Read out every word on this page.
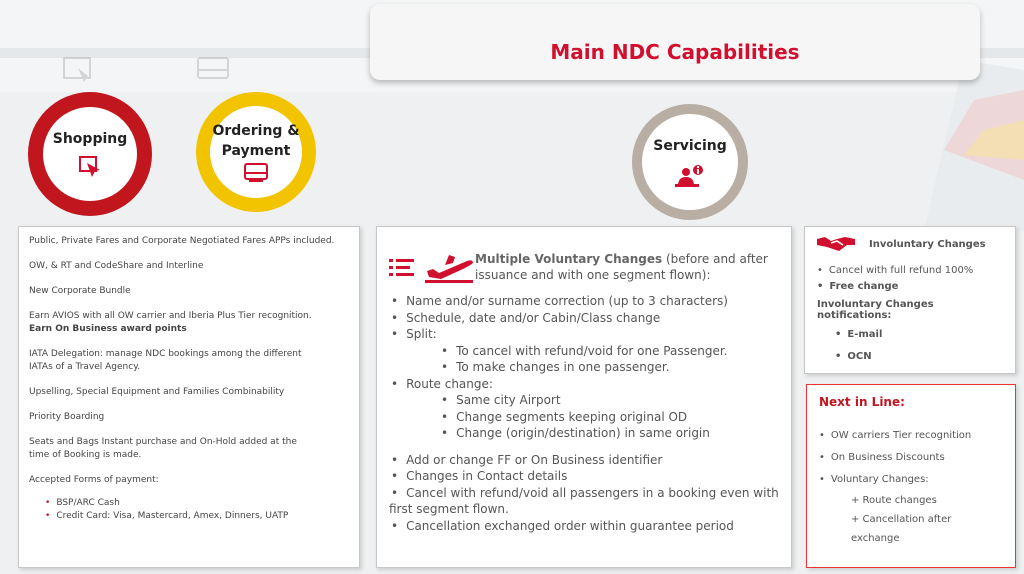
Main NDC Capabilities
Shopping	Ordering &
Payment	Servicing

Public, Private Fares and Corporate Negotiated Fares APPs included.

OW, & RT and CodeShare and Interline

New Corporate Bundle

Earn AVIOS with all OW carrier and Iberia Plus Tier recognition.
Earn On Business award points

IATA Delegation: manage NDC bookings among the different
IATAs of a Travel Agency.

Upselling, Special Equipment and Families Combinability

Priority Boarding

Seats and Bags Instant purchase and On-Hold added at the
time of Booking is made.

Accepted Forms of payment:

• BSP/ARC Cash
• Credit Card: Visa, Mastercard, Amex, Dinners, UATP
Multiple Voluntary Changes (before and after issuance and with one segment flown):
• Name and/or surname correction (up to 3 characters)
• Schedule, date and/or Cabin/Class change
• Split:
• To cancel with refund/void for one Passenger.
• To make changes in one passenger.
• Route change:
• Same city Airport
• Change segments keeping original OD
• Change (origin/destination) in same origin
• Add or change FF or On Business identifier
• Changes in Contact details
• Cancel with refund/void all passengers in a booking even with first segment flown.
• Cancellation exchanged order within guarantee period
Involuntary Changes
• Cancel with full refund 100%
• Free change
Involuntary Changes notifications:
• E-mail
• OCN
Next in Line:
• OW carriers Tier recognition
• On Business Discounts
• Voluntary Changes:
+ Route changes
+ Cancellation after exchange
